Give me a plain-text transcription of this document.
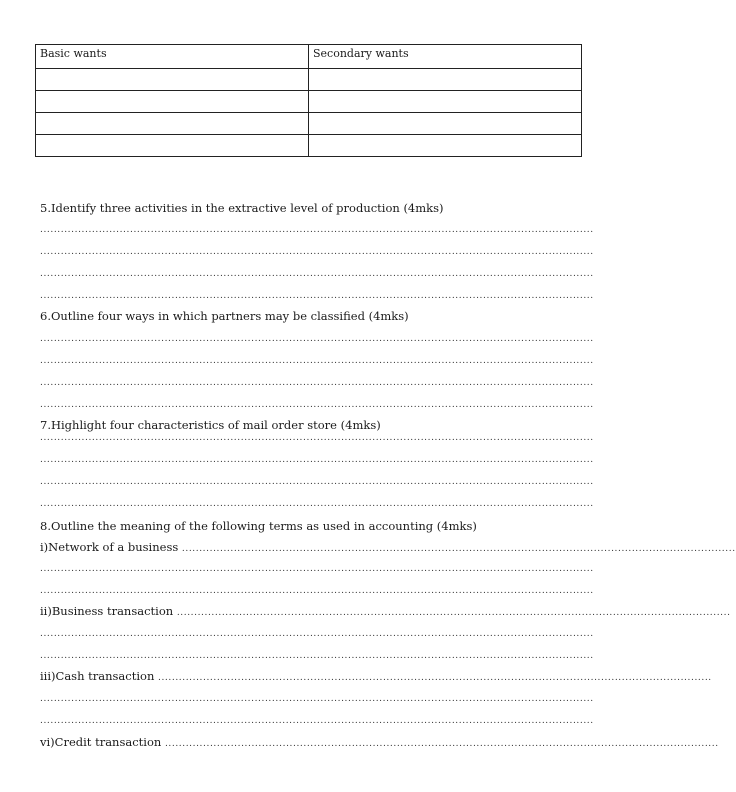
Basic wants	Secondary wants

5.Identify three activities in the extractive level of production (4mks)
................................................................................................................................................................
................................................................................................................................................................
................................................................................................................................................................
................................................................................................................................................................
6.Outline four ways in which partners may be classified (4mks)
................................................................................................................................................................
................................................................................................................................................................
................................................................................................................................................................
................................................................................................................................................................
7.Highlight four characteristics of mail order store (4mks)
................................................................................................................................................................
................................................................................................................................................................
................................................................................................................................................................
................................................................................................................................................................
8.Outline the meaning of the following terms as used in accounting (4mks)
i)Network of a business ................................................................................................................................................................
................................................................................................................................................................
................................................................................................................................................................
ii)Business transaction ................................................................................................................................................................
................................................................................................................................................................
................................................................................................................................................................
iii)Cash transaction ................................................................................................................................................................
................................................................................................................................................................
................................................................................................................................................................
vi)Credit transaction ................................................................................................................................................................
